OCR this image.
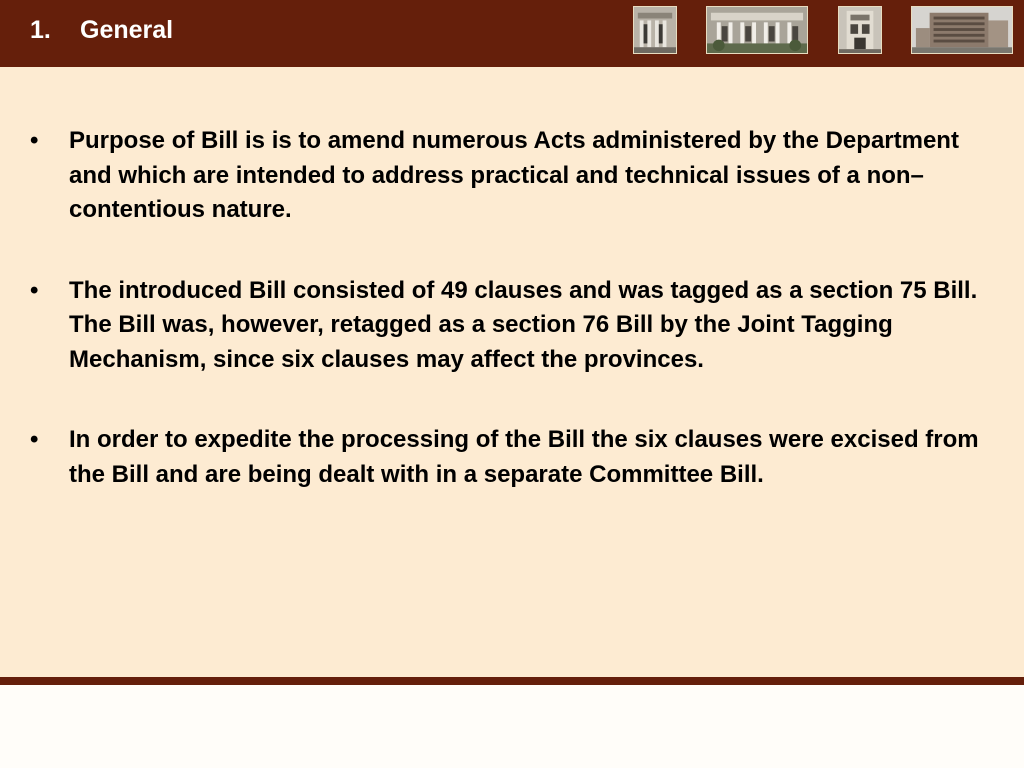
1. General
• Purpose of Bill is is to amend numerous Acts administered by the Department and which are intended to address practical and technical issues of a non–contentious nature.
• The introduced Bill consisted of 49 clauses and was tagged as a section 75 Bill. The Bill was, however, retagged as a section 76 Bill by the Joint Tagging Mechanism, since six clauses may affect the provinces.
• In order to expedite the processing of the Bill the six clauses were excised from the Bill and are being dealt with in a separate Committee Bill.
